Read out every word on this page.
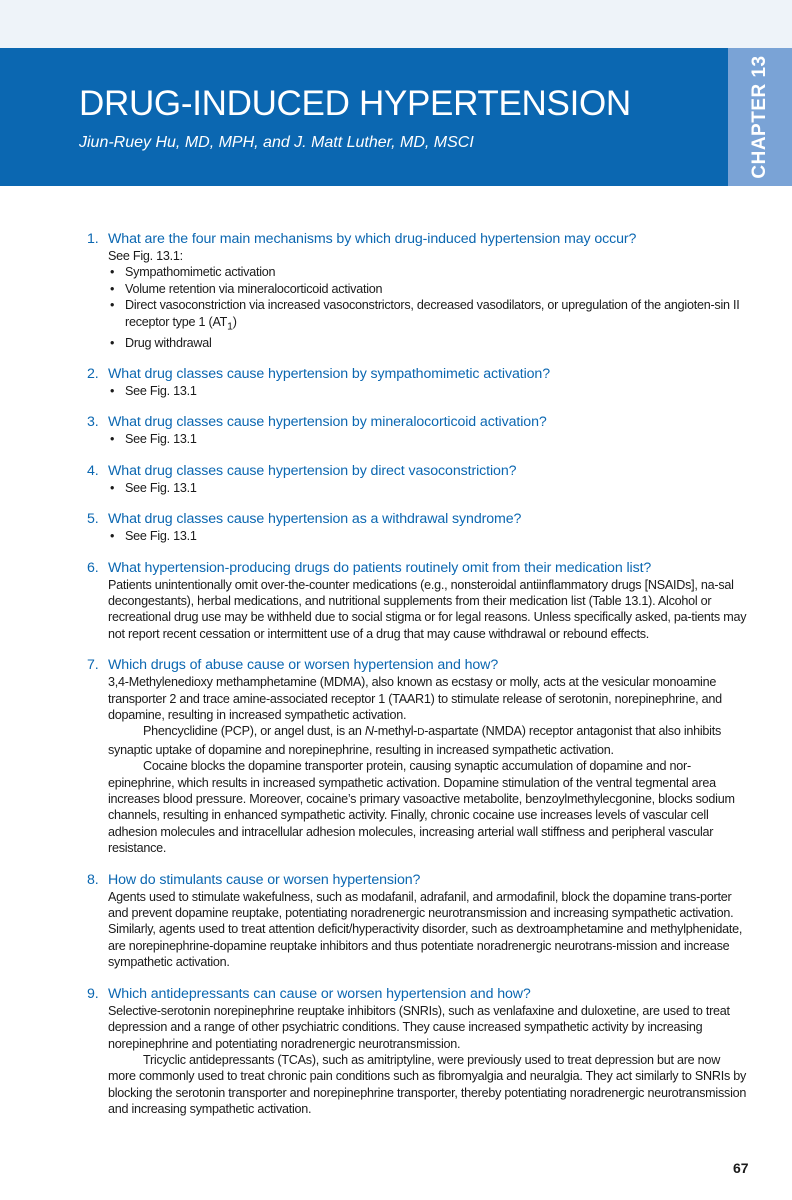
DRUG-INDUCED HYPERTENSION
Jiun-Ruey Hu, MD, MPH, and J. Matt Luther, MD, MSCI	CHAPTER 13
1. What are the four main mechanisms by which drug-induced hypertension may occur?

See Fig. 13.1:

• Sympathomimetic activation
• Volume retention via mineralocorticoid activation
• Direct vasoconstriction via increased vasoconstrictors, decreased vasodilators, or upregulation of the angioten-sin II receptor type 1 $(AT_1)$
• Drug withdrawal
2. What drug classes cause hypertension by sympathomimetic activation?
• See Fig. 13.1
3. What drug classes cause hypertension by mineralocorticoid activation?
• See Fig. 13.1
4. What drug classes cause hypertension by direct vasoconstriction?
• See Fig. 13.1
5. What drug classes cause hypertension as a withdrawal syndrome?
• See Fig. 13.1
6. What hypertension-producing drugs do patients routinely omit from their medication list?

Patients unintentionally omit over-the-counter medications (e.g., nonsteroidal antiinflammatory drugs [NSAIDs], na-sal decongestants), herbal medications, and nutritional supplements from their medication list (Table 13.1). Alcohol or recreational drug use may be withheld due to social stigma or for legal reasons. Unless specifically asked, pa-tients may not report recent cessation or intermittent use of a drug that may cause withdrawal or rebound effects.

7. Which drugs of abuse cause or worsen hypertension and how?

3,4-Methylenedioxy methamphetamine (MDMA), also known as ecstasy or molly, acts at the vesicular monoamine transporter 2 and trace amine-associated receptor 1 (TAAR1) to stimulate release of serotonin, norepinephrine, and dopamine, resulting in increased sympathetic activation.

Phencyclidine (PCP), or angel dust, is an N-methyl-D-aspartate (NMDA) receptor antagonist that also inhibits synaptic uptake of dopamine and norepinephrine, resulting in increased sympathetic activation.

Cocaine blocks the dopamine transporter protein, causing synaptic accumulation of dopamine and nor-epinephrine, which results in increased sympathetic activation. Dopamine stimulation of the ventral tegmental area increases blood pressure. Moreover, cocaine’s primary vasoactive metabolite, benzoylmethylecgonine, blocks sodium channels, resulting in enhanced sympathetic activity. Finally, chronic cocaine use increases levels of vascular cell adhesion molecules and intracellular adhesion molecules, increasing arterial wall stiffness and peripheral vascular resistance.

8. How do stimulants cause or worsen hypertension?

Agents used to stimulate wakefulness, such as modafanil, adrafanil, and armodafinil, block the dopamine trans-porter and prevent dopamine reuptake, potentiating noradrenergic neurotransmission and increasing sympathetic activation. Similarly, agents used to treat attention deficit/hyperactivity disorder, such as dextroamphetamine and methylphenidate, are norepinephrine-dopamine reuptake inhibitors and thus potentiate noradrenergic neurotrans-mission and increase sympathetic activation.

9. Which antidepressants can cause or worsen hypertension and how?

Selective-serotonin norepinephrine reuptake inhibitors (SNRIs), such as venlafaxine and duloxetine, are used to treat depression and a range of other psychiatric conditions. They cause increased sympathetic activity by increasing norepinephrine and potentiating noradrenergic neurotransmission.

Tricyclic antidepressants (TCAs), such as amitriptyline, were previously used to treat depression but are now more commonly used to treat chronic pain conditions such as fibromyalgia and neuralgia. They act similarly to SNRIs by blocking the serotonin transporter and norepinephrine transporter, thereby potentiating noradrenergic neurotransmission and increasing sympathetic activation.

67
